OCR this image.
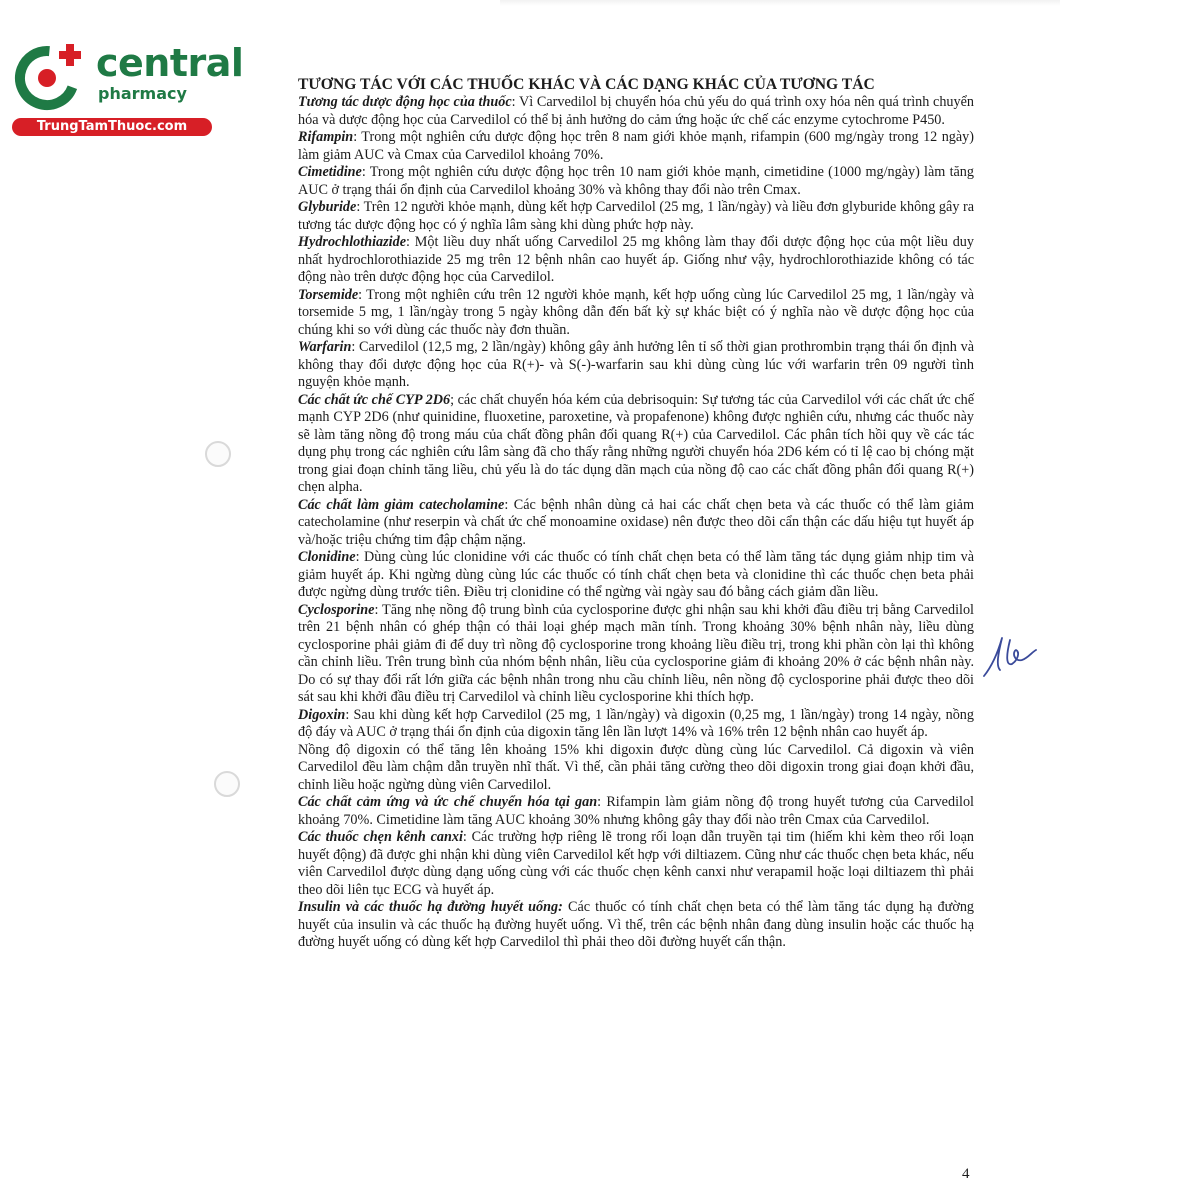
central
pharmacy
TrungTamThuoc.com
TƯƠNG TÁC VỚI CÁC THUỐC KHÁC VÀ CÁC DẠNG KHÁC CỦA TƯƠNG TÁC

Tương tác dược động học của thuốc: Vì Carvedilol bị chuyển hóa chủ yếu do quá trình oxy hóa nên quá trình chuyển hóa và dược động học của Carvedilol có thể bị ảnh hưởng do cảm ứng hoặc ức chế các enzyme cytochrome P450.

Rifampin: Trong một nghiên cứu dược động học trên 8 nam giới khỏe mạnh, rifampin (600 mg/ngày trong 12 ngày) làm giảm AUC và Cmax của Carvedilol khoảng 70%.

Cimetidine: Trong một nghiên cứu dược động học trên 10 nam giới khỏe mạnh, cimetidine (1000 mg/ngày) làm tăng AUC ở trạng thái ổn định của Carvedilol khoảng 30% và không thay đổi nào trên Cmax.

Glyburide: Trên 12 người khỏe mạnh, dùng kết hợp Carvedilol (25 mg, 1 lần/ngày) và liều đơn glyburide không gây ra tương tác dược động học có ý nghĩa lâm sàng khi dùng phức hợp này.

Hydrochlothiazide: Một liều duy nhất uống Carvedilol 25 mg không làm thay đổi dược động học của một liều duy nhất hydrochlorothiazide 25 mg trên 12 bệnh nhân cao huyết áp. Giống như vậy, hydrochlorothiazide không có tác động nào trên dược động học của Carvedilol.

Torsemide: Trong một nghiên cứu trên 12 người khỏe mạnh, kết hợp uống cùng lúc Carvedilol 25 mg, 1 lần/ngày và torsemide 5 mg, 1 lần/ngày trong 5 ngày không dẫn đến bất kỳ sự khác biệt có ý nghĩa nào về dược động học của chúng khi so với dùng các thuốc này đơn thuần.

Warfarin: Carvedilol (12,5 mg, 2 lần/ngày) không gây ảnh hưởng lên tỉ số thời gian prothrombin trạng thái ổn định và không thay đổi dược động học của R(+)- và S(-)-warfarin sau khi dùng cùng lúc với warfarin trên 09 người tình nguyện khỏe mạnh.

Các chất ức chế CYP 2D6; các chất chuyển hóa kém của debrisoquin: Sự tương tác của Carvedilol với các chất ức chế mạnh CYP 2D6 (như quinidine, fluoxetine, paroxetine, và propafenone) không được nghiên cứu, nhưng các thuốc này sẽ làm tăng nồng độ trong máu của chất đồng phân đối quang R(+) của Carvedilol. Các phân tích hồi quy về các tác dụng phụ trong các nghiên cứu lâm sàng đã cho thấy rằng những người chuyển hóa 2D6 kém có tỉ lệ cao bị chóng mặt trong giai đoạn chỉnh tăng liều, chủ yếu là do tác dụng dãn mạch của nồng độ cao các chất đồng phân đối quang R(+) chẹn alpha.

Các chất làm giảm catecholamine: Các bệnh nhân dùng cả hai các chất chẹn beta và các thuốc có thể làm giảm catecholamine (như reserpin và chất ức chế monoamine oxidase) nên được theo dõi cẩn thận các dấu hiệu tụt huyết áp và/hoặc triệu chứng tim đập chậm nặng.

Clonidine: Dùng cùng lúc clonidine với các thuốc có tính chất chẹn beta có thể làm tăng tác dụng giảm nhịp tim và giảm huyết áp. Khi ngừng dùng cùng lúc các thuốc có tính chất chẹn beta và clonidine thì các thuốc chẹn beta phải được ngừng dùng trước tiên. Điều trị clonidine có thể ngừng vài ngày sau đó bằng cách giảm dần liều.

Cyclosporine: Tăng nhẹ nồng độ trung bình của cyclosporine được ghi nhận sau khi khởi đầu điều trị bằng Carvedilol trên 21 bệnh nhân có ghép thận có thải loại ghép mạch mãn tính. Trong khoảng 30% bệnh nhân này, liều dùng cyclosporine phải giảm đi để duy trì nồng độ cyclosporine trong khoảng liều điều trị, trong khi phần còn lại thì không cần chỉnh liều. Trên trung bình của nhóm bệnh nhân, liều của cyclosporine giảm đi khoảng 20% ở các bệnh nhân này. Do có sự thay đổi rất lớn giữa các bệnh nhân trong nhu cầu chỉnh liều, nên nồng độ cyclosporine phải được theo dõi sát sau khi khởi đầu điều trị Carvedilol và chỉnh liều cyclosporine khi thích hợp.

Digoxin: Sau khi dùng kết hợp Carvedilol (25 mg, 1 lần/ngày) và digoxin (0,25 mg, 1 lần/ngày) trong 14 ngày, nồng độ đáy và AUC ở trạng thái ổn định của digoxin tăng lên lần lượt 14% và 16% trên 12 bệnh nhân cao huyết áp.

Nồng độ digoxin có thể tăng lên khoảng 15% khi digoxin được dùng cùng lúc Carvedilol. Cả digoxin và viên Carvedilol đều làm chậm dẫn truyền nhĩ thất. Vì thế, cần phải tăng cường theo dõi digoxin trong giai đoạn khởi đầu, chỉnh liều hoặc ngừng dùng viên Carvedilol.

Các chất cảm ứng và ức chế chuyển hóa tại gan: Rifampin làm giảm nồng độ trong huyết tương của Carvedilol khoảng 70%. Cimetidine làm tăng AUC khoảng 30% nhưng không gây thay đổi nào trên Cmax của Carvedilol.

Các thuốc chẹn kênh canxi: Các trường hợp riêng lẽ trong rối loạn dẫn truyền tại tim (hiếm khi kèm theo rối loạn huyết động) đã được ghi nhận khi dùng viên Carvedilol kết hợp với diltiazem. Cũng như các thuốc chẹn beta khác, nếu viên Carvedilol được dùng dạng uống cùng với các thuốc chẹn kênh canxi như verapamil hoặc loại diltiazem thì phải theo dõi liên tục ECG và huyết áp.

Insulin và các thuốc hạ đường huyết uống: Các thuốc có tính chất chẹn beta có thể làm tăng tác dụng hạ đường huyết của insulin và các thuốc hạ đường huyết uống. Vì thế, trên các bệnh nhân đang dùng insulin hoặc các thuốc hạ đường huyết uống có dùng kết hợp Carvedilol thì phải theo dõi đường huyết cẩn thận.

4
